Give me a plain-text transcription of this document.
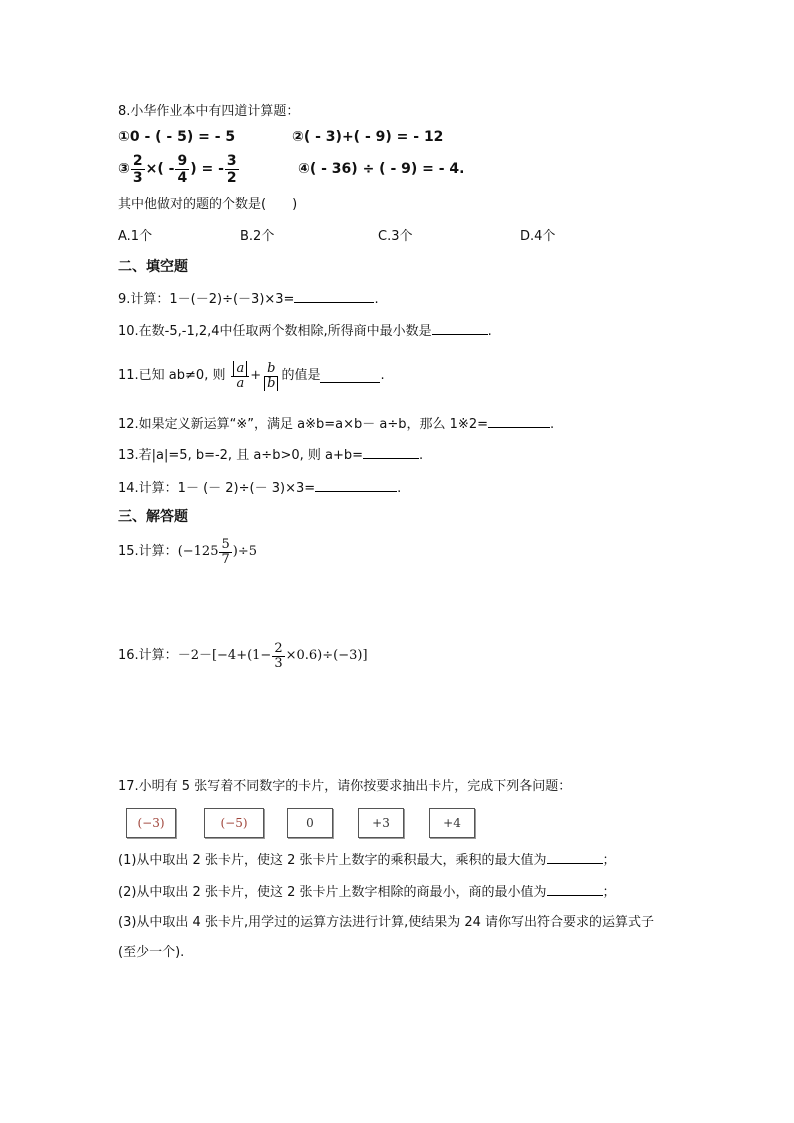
8.小华作业本中有四道计算题：
①0 - ( - 5) = - 5	②( - 3)+( - 9) = - 12
③ $\frac{2}{3}$ ×( - $\frac{9}{4}$ ) = - $\frac{3}{2}$	④( - 36) ÷ ( - 9) = - 4.
其中他做对的题的个数是(　　)
A.1个	B.2个	C.3个	D.4个
二、填空题
9.计算：1－(－2)÷(－3)×3=	.
10.在数-5,-1,2,4中任取两个数相除,所得商中最小数是	.
11.已知 ab≠0, 则 $\frac{a}{a} + \frac{b}{b}$ 的值是	.
12.如果定义新运算“※”，满足 a※b=a×b－ a÷b，那么 1※2=	.
13.若|a|=5, b=-2, 且 a÷b>0, 则 a+b=	.
14.计算：1－ (－ 2)÷(－ 3)×3=	.
三、解答题
15.计算： $(-125 \frac{5}{7} )\div 5$
16.计算： $-2-[-4+(1- \frac{2}{3} \times 0.6)\div(-3)]$
17.小明有 5 张写着不同数字的卡片，请你按要求抽出卡片，完成下列各问题：
(−3)	(−5)	0	+3	+4
(1)从中取出 2 张卡片，使这 2 张卡片上数字的乘积最大，乘积的最大值为	；
(2)从中取出 2 张卡片，使这 2 张卡片上数字相除的商最小，商的最小值为	；
(3)从中取出 4 张卡片,用学过的运算方法进行计算,使结果为 24 请你写出符合要求的运算式子
(至少一个).
